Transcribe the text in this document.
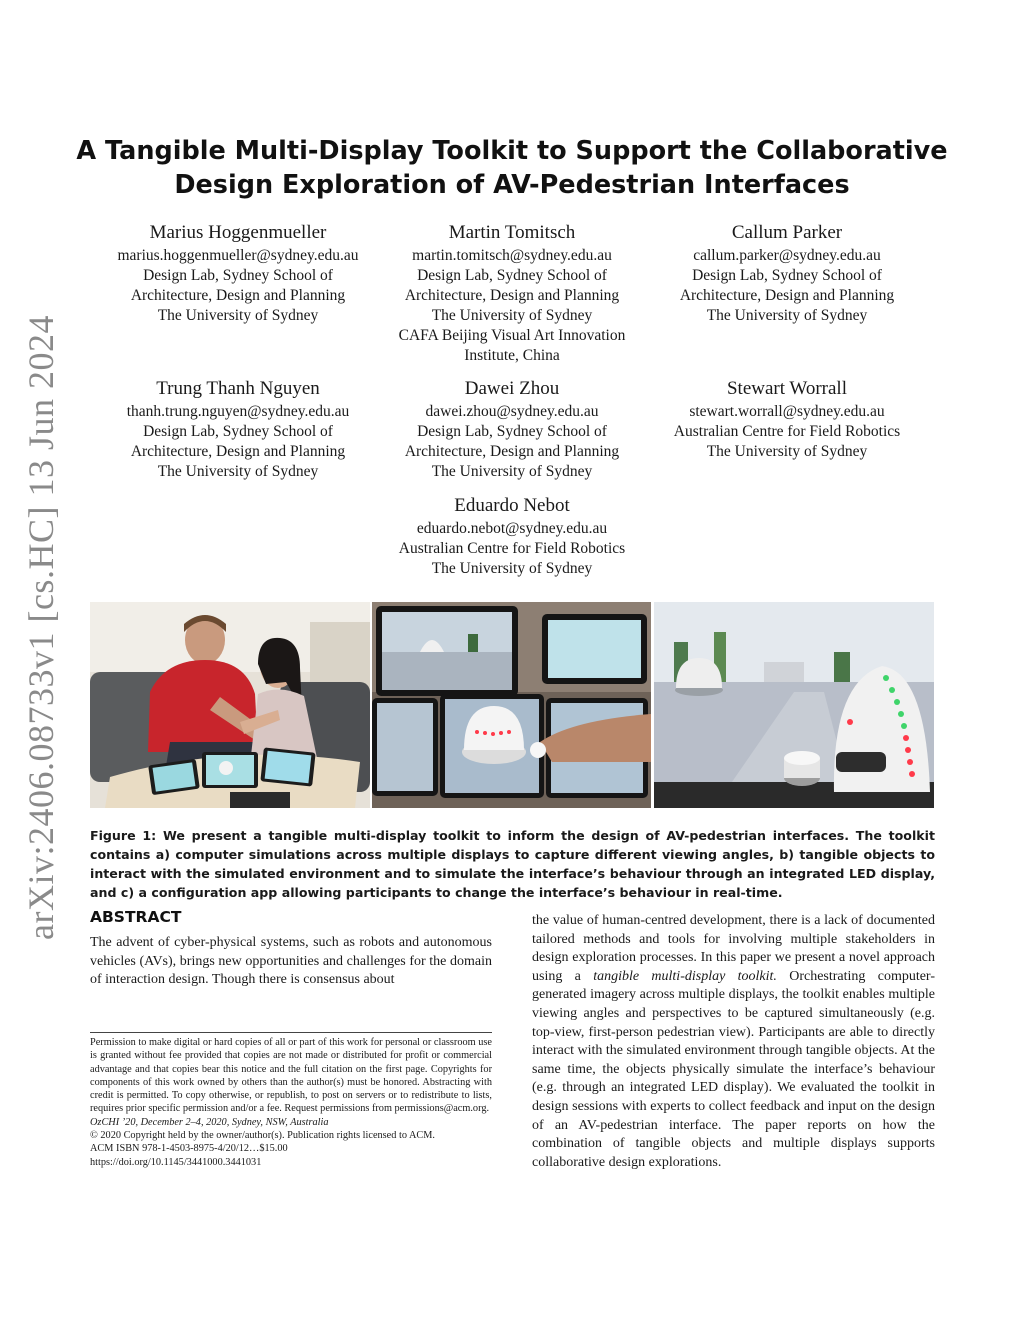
arXiv:2406.08733v1 [cs.HC] 13 Jun 2024
A Tangible Multi-Display Toolkit to Support the Collaborative
Design Exploration of AV-Pedestrian Interfaces
Marius Hoggenmueller
marius.hoggenmueller@sydney.edu.au
Design Lab, Sydney School of
Architecture, Design and Planning
The University of Sydney
Martin Tomitsch
martin.tomitsch@sydney.edu.au
Design Lab, Sydney School of
Architecture, Design and Planning
The University of Sydney
CAFA Beijing Visual Art Innovation
Institute, China
Callum Parker
callum.parker@sydney.edu.au
Design Lab, Sydney School of
Architecture, Design and Planning
The University of Sydney
Trung Thanh Nguyen
thanh.trung.nguyen@sydney.edu.au
Design Lab, Sydney School of
Architecture, Design and Planning
The University of Sydney
Dawei Zhou
dawei.zhou@sydney.edu.au
Design Lab, Sydney School of
Architecture, Design and Planning
The University of Sydney
Stewart Worrall
stewart.worrall@sydney.edu.au
Australian Centre for Field Robotics
The University of Sydney
Eduardo Nebot
eduardo.nebot@sydney.edu.au
Australian Centre for Field Robotics
The University of Sydney
Figure 1: We present a tangible multi-display toolkit to inform the design of AV-pedestrian interfaces. The toolkit contains a) computer simulations across multiple displays to capture different viewing angles, b) tangible objects to interact with the simulated environment and to simulate the interface’s behaviour through an integrated LED display, and c) a configuration app allowing participants to change the interface’s behaviour in real-time.
ABSTRACT
The advent of cyber-physical systems, such as robots and autonomous vehicles (AVs), brings new opportunities and challenges for the domain of interaction design. Though there is consensus about
the value of human-centred development, there is a lack of documented tailored methods and tools for involving multiple stakeholders in design exploration processes. In this paper we present a novel approach using a tangible multi-display toolkit. Orchestrating computer-generated imagery across multiple displays, the toolkit enables multiple viewing angles and perspectives to be captured simultaneously (e.g. top-view, first-person pedestrian view). Participants are able to directly interact with the simulated environment through tangible objects. At the same time, the objects physically simulate the interface’s behaviour (e.g. through an integrated LED display). We evaluated the toolkit in design sessions with experts to collect feedback and input on the design of an AV-pedestrian interface. The paper reports on how the combination of tangible objects and multiple displays supports collaborative design explorations.
Permission to make digital or hard copies of all or part of this work for personal or classroom use is granted without fee provided that copies are not made or distributed for profit or commercial advantage and that copies bear this notice and the full citation on the first page. Copyrights for components of this work owned by others than the author(s) must be honored. Abstracting with credit is permitted. To copy otherwise, or republish, to post on servers or to redistribute to lists, requires prior specific permission and/or a fee. Request permissions from permissions@acm.org.
OzCHI ’20, December 2–4, 2020, Sydney, NSW, Australia
© 2020 Copyright held by the owner/author(s). Publication rights licensed to ACM.
ACM ISBN 978-1-4503-8975-4/20/12…$15.00
https://doi.org/10.1145/3441000.3441031
